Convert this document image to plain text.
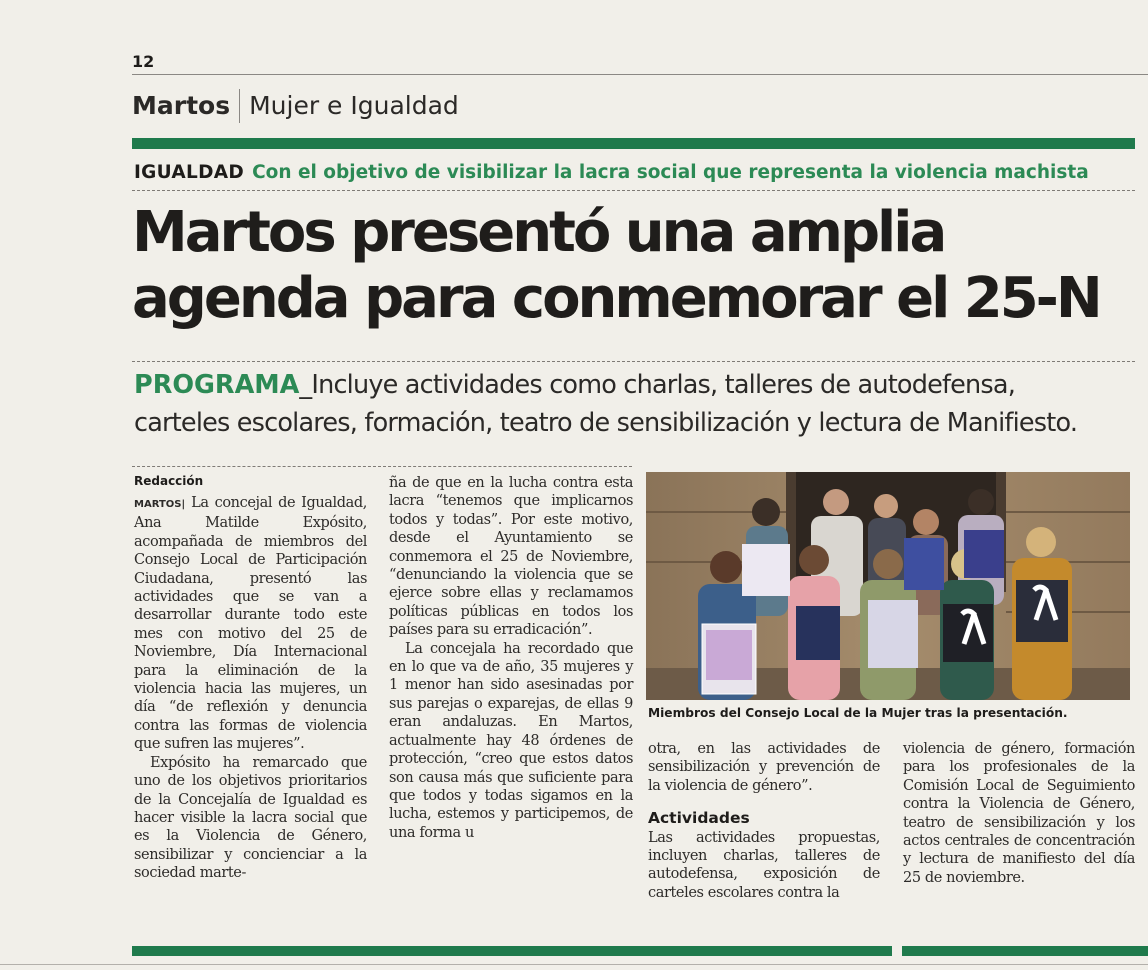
12
Martos Mujer e Igualdad
IGUALDAD Con el objetivo de visibilizar la lacra social que representa la violencia machista
Martos presentó una amplia
agenda para conmemorar el 25-N
PROGRAMA_Incluye actividades como charlas, talleres de autodefensa,
carteles escolares, formación, teatro de sensibilización y lectura de Manifiesto.
Redacción

MARTOS| La concejal de Igualdad, Ana Matilde Expósito, acompañada de miembros del Consejo Local de Participación Ciudadana, presentó las actividades que se van a desarrollar durante todo este mes con motivo del 25 de Noviembre, Día Internacional para la eliminación de la violencia hacia las mujeres, un día “de reflexión y denuncia contra las formas de violencia que sufren las mujeres”.

Expósito ha remarcado que uno de los objetivos prioritarios de la Concejalía de Igualdad es hacer visible la lacra social que es la Violencia de Género, sensibilizar y concienciar a la sociedad marte-

ña de que en la lucha contra esta lacra “tenemos que implicarnos todos y todas”. Por este motivo, desde el Ayuntamiento se conmemora el 25 de Noviembre, “denunciando la violencia que se ejerce sobre ellas y reclamamos políticas públicas en todos los países para su erradicación”.

La concejala ha recordado que en lo que va de año, 35 mujeres y 1 menor han sido asesinadas por sus parejas o exparejas, de ellas 9 eran andaluzas. En Martos, actualmente hay 48 órdenes de protección, “creo que estos datos son causa más que suficiente para que todos y todas sigamos en la lucha, estemos y participemos, de una forma u

Miembros del Consejo Local de la Mujer tras la presentación.

otra, en las actividades de sensibilización y prevención de la violencia de género”.

Actividades

Las actividades propuestas, incluyen charlas, talleres de autodefensa, exposición de carteles escolares contra la

violencia de género, formación para los profesionales de la Comisión Local de Seguimiento contra la Violencia de Género, teatro de sensibilización y los actos centrales de concentración y lectura de manifiesto del día 25 de noviembre.
